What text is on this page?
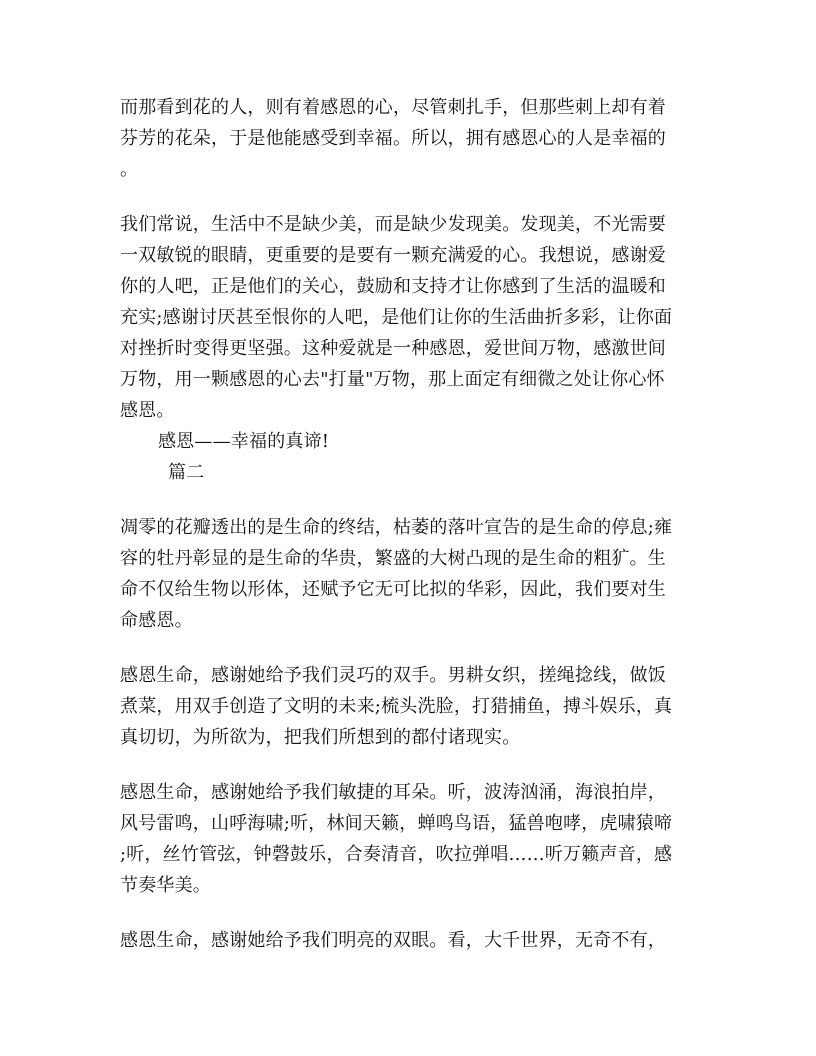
而那看到花的人，则有着感恩的心，尽管刺扎手，但那些刺上却有着
芬芳的花朵，于是他能感受到幸福。所以，拥有感恩心的人是幸福的
。
我们常说，生活中不是缺少美，而是缺少发现美。发现美，不光需要
一双敏锐的眼睛，更重要的是要有一颗充满爱的心。我想说，感谢爱
你的人吧，正是他们的关心，鼓励和支持才让你感到了生活的温暖和
充实;感谢讨厌甚至恨你的人吧，是他们让你的生活曲折多彩，让你面
对挫折时变得更坚强。这种爱就是一种感恩，爱世间万物，感激世间
万物，用一颗感恩的心去"打量"万物，那上面定有细微之处让你心怀
感恩。
感恩——幸福的真谛!
篇二
凋零的花瓣透出的是生命的终结，枯萎的落叶宣告的是生命的停息;雍
容的牡丹彰显的是生命的华贵，繁盛的大树凸现的是生命的粗犷。生
命不仅给生物以形体，还赋予它无可比拟的华彩，因此，我们要对生
命感恩。
感恩生命，感谢她给予我们灵巧的双手。男耕女织，搓绳捻线，做饭
煮菜，用双手创造了文明的未来;梳头洗脸，打猎捕鱼，搏斗娱乐，真
真切切，为所欲为，把我们所想到的都付诸现实。
感恩生命，感谢她给予我们敏捷的耳朵。听，波涛汹涌，海浪拍岸，
风号雷鸣，山呼海啸;听，林间天籁，蝉鸣鸟语，猛兽咆哮，虎啸猿啼
;听，丝竹管弦，钟磬鼓乐，合奏清音，吹拉弹唱……听万籁声音，感
节奏华美。
感恩生命，感谢她给予我们明亮的双眼。看，大千世界，无奇不有，
